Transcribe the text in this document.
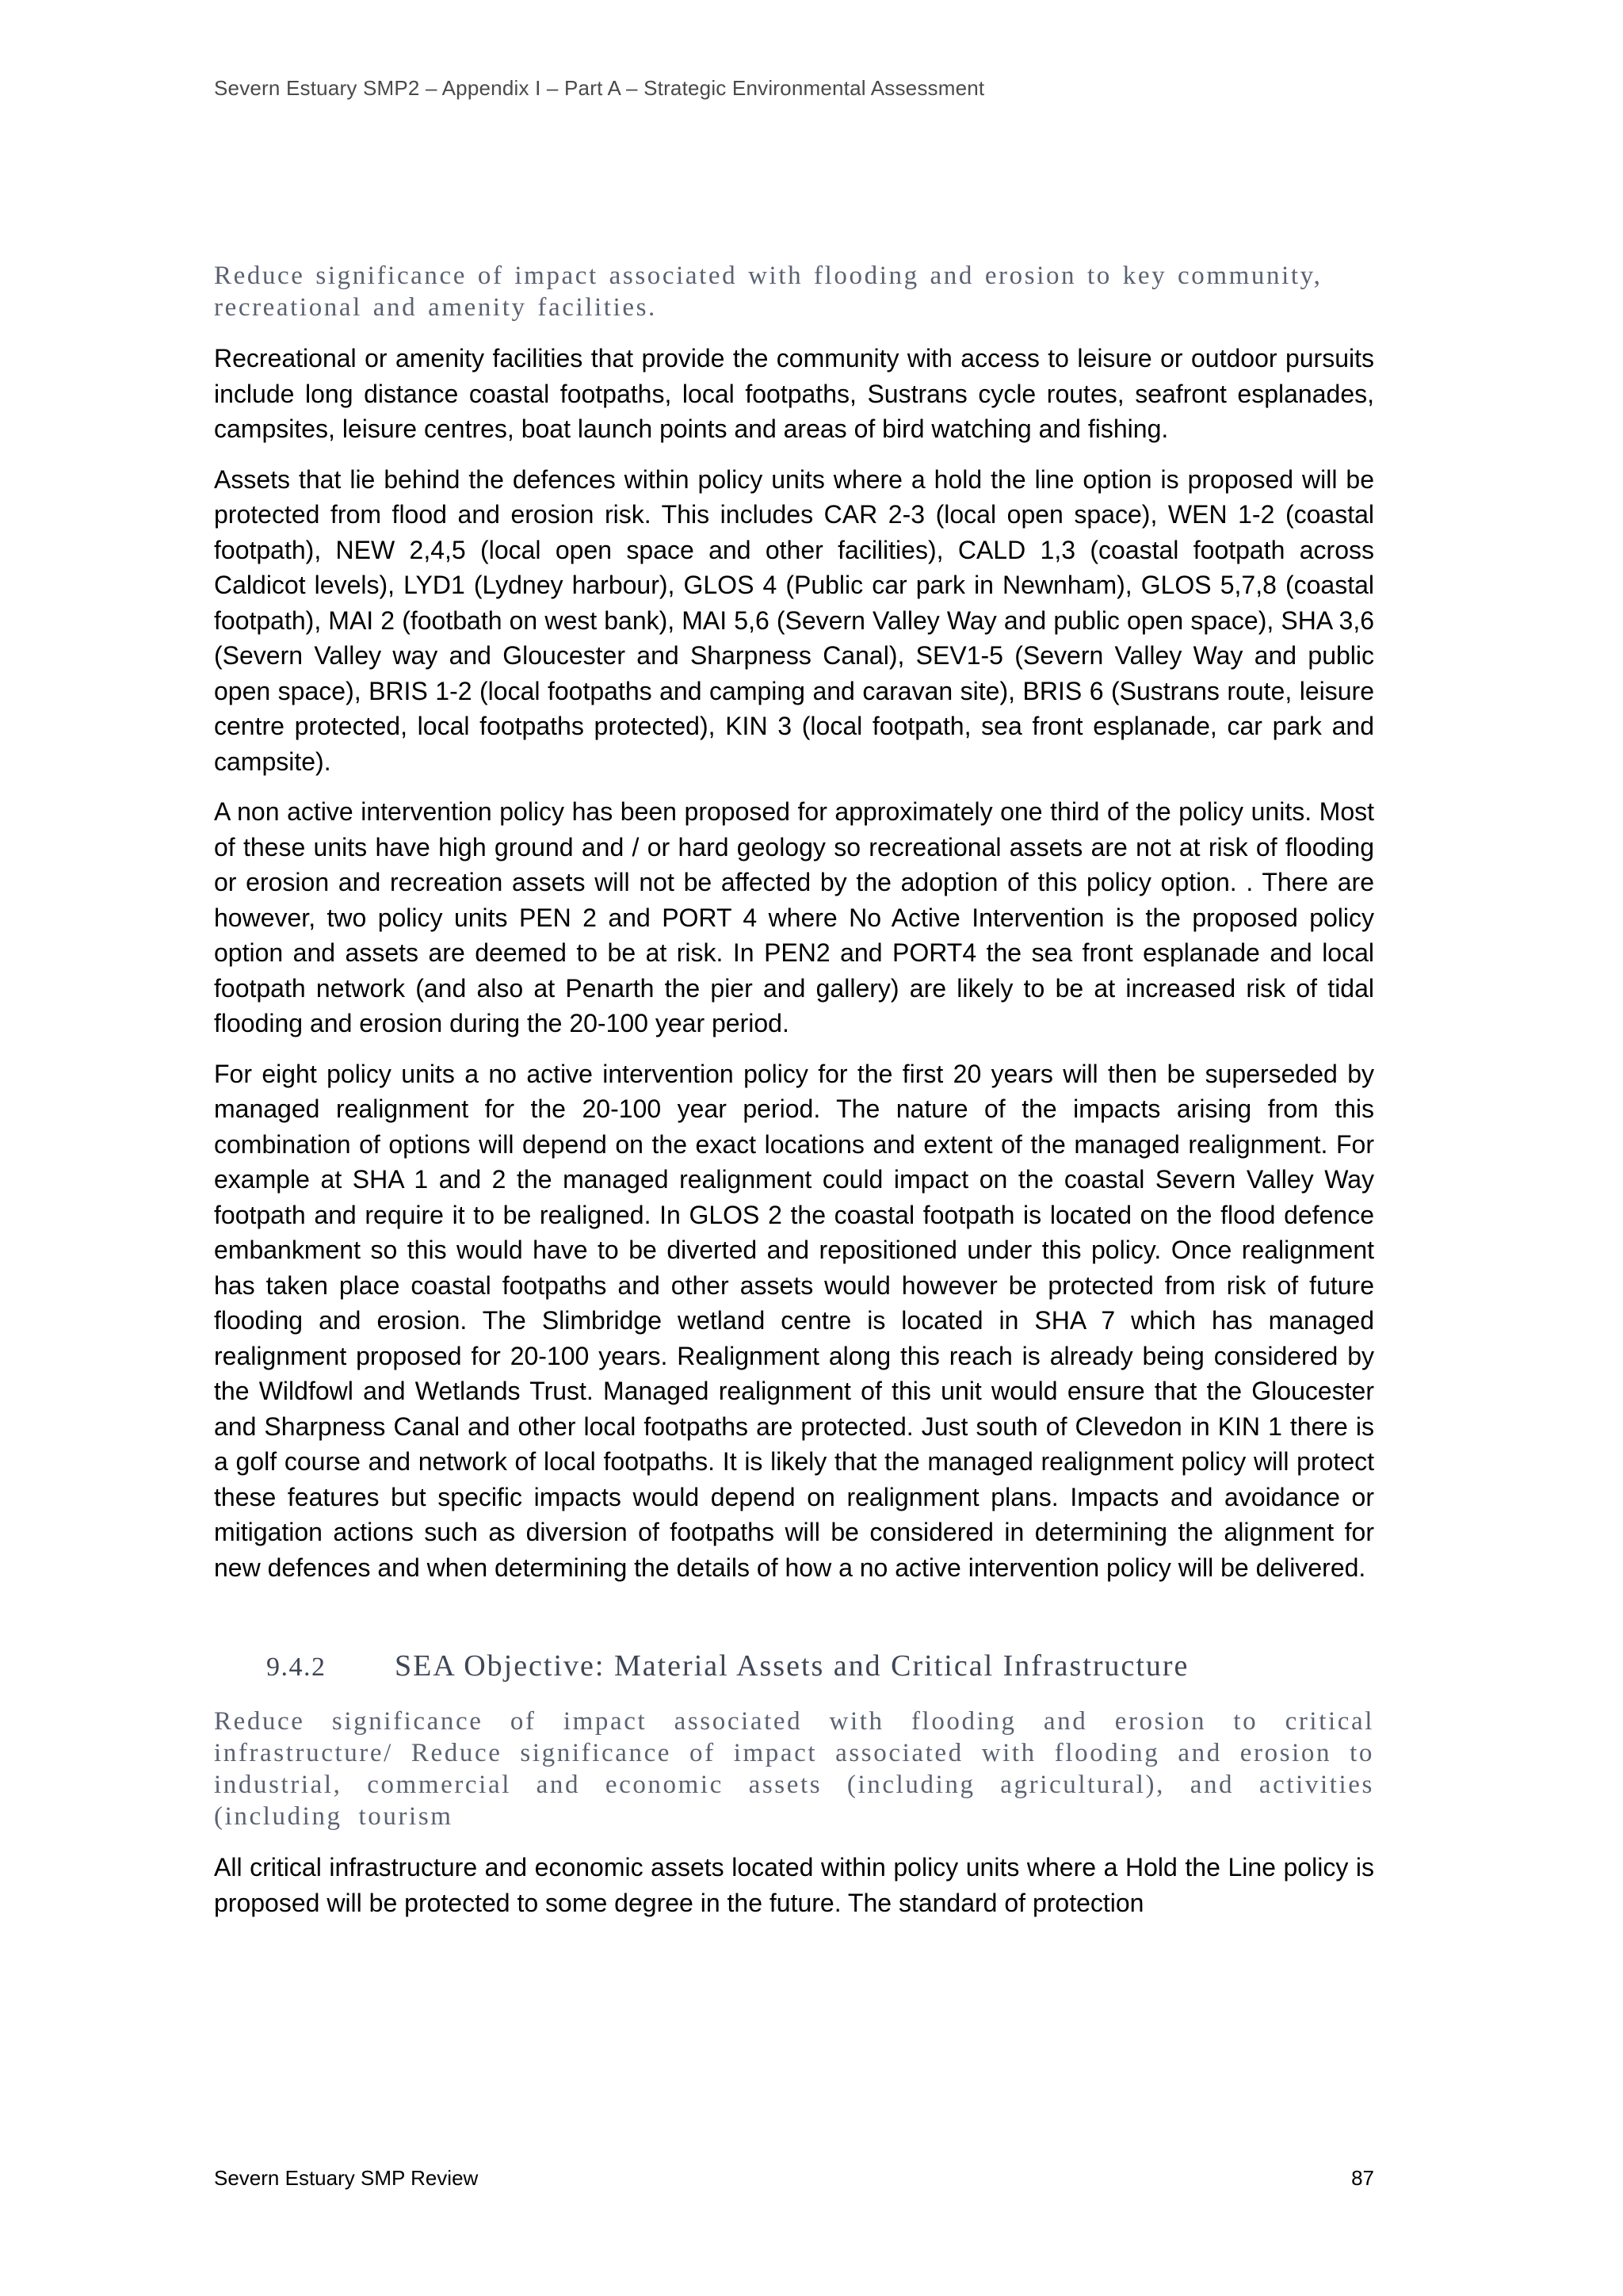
Severn Estuary SMP2 – Appendix I – Part A – Strategic Environmental Assessment

Reduce significance of impact associated with flooding and erosion to key community, recreational and amenity facilities.

Recreational or amenity facilities that provide the community with access to leisure or outdoor pursuits include long distance coastal footpaths, local footpaths, Sustrans cycle routes, seafront esplanades, campsites, leisure centres, boat launch points and areas of bird watching and fishing.

Assets that lie behind the defences within policy units where a hold the line option is proposed will be protected from flood and erosion risk. This includes CAR 2-3 (local open space), WEN 1-2 (coastal footpath), NEW 2,4,5 (local open space and other facilities), CALD 1,3 (coastal footpath across Caldicot levels), LYD1 (Lydney harbour), GLOS 4 (Public car park in Newnham), GLOS 5,7,8 (coastal footpath), MAI 2 (footbath on west bank), MAI 5,6 (Severn Valley Way and public open space), SHA 3,6 (Severn Valley way and Gloucester and Sharpness Canal), SEV1-5 (Severn Valley Way and public open space), BRIS 1-2 (local footpaths and camping and caravan site), BRIS 6 (Sustrans route, leisure centre protected, local footpaths protected), KIN 3 (local footpath, sea front esplanade, car park and campsite).

A non active intervention policy has been proposed for approximately one third of the policy units. Most of these units have high ground and / or hard geology so recreational assets are not at risk of flooding or erosion and recreation assets will not be affected by the adoption of this policy option. . There are however, two policy units PEN 2 and PORT 4 where No Active Intervention is the proposed policy option and assets are deemed to be at risk. In PEN2 and PORT4 the sea front esplanade and local footpath network (and also at Penarth the pier and gallery) are likely to be at increased risk of tidal flooding and erosion during the 20-100 year period.

For eight policy units a no active intervention policy for the first 20 years will then be superseded by managed realignment for the 20-100 year period. The nature of the impacts arising from this combination of options will depend on the exact locations and extent of the managed realignment. For example at SHA 1 and 2 the managed realignment could impact on the coastal Severn Valley Way footpath and require it to be realigned. In GLOS 2 the coastal footpath is located on the flood defence embankment so this would have to be diverted and repositioned under this policy. Once realignment has taken place coastal footpaths and other assets would however be protected from risk of future flooding and erosion. The Slimbridge wetland centre is located in SHA 7 which has managed realignment proposed for 20-100 years. Realignment along this reach is already being considered by the Wildfowl and Wetlands Trust. Managed realignment of this unit would ensure that the Gloucester and Sharpness Canal and other local footpaths are protected. Just south of Clevedon in KIN 1 there is a golf course and network of local footpaths. It is likely that the managed realignment policy will protect these features but specific impacts would depend on realignment plans. Impacts and avoidance or mitigation actions such as diversion of footpaths will be considered in determining the alignment for new defences and when determining the details of how a no active intervention policy will be delivered.

9.4.2 SEA Objective: Material Assets and Critical Infrastructure

Reduce significance of impact associated with flooding and erosion to critical infrastructure/ Reduce significance of impact associated with flooding and erosion to industrial, commercial and economic assets (including agricultural), and activities (including tourism

All critical infrastructure and economic assets located within policy units where a Hold the Line policy is proposed will be protected to some degree in the future. The standard of protection

Severn Estuary SMP Review	87
